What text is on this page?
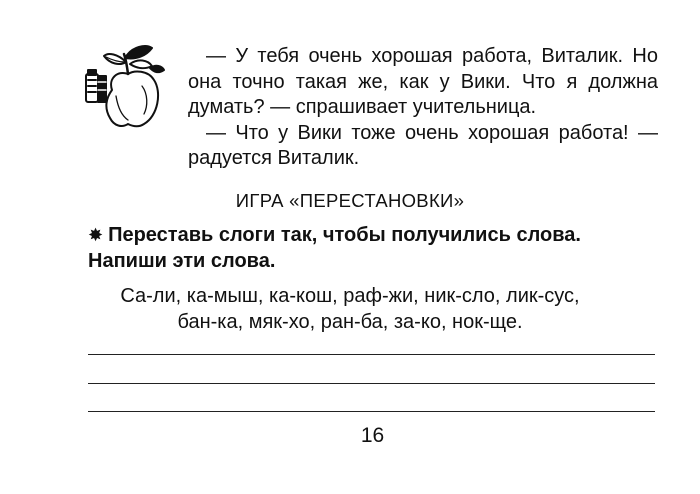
— У тебя очень хорошая работа, Виталик. Но она точно такая же, как у Вики. Что я должна думать? — спрашивает учительница.

— Что у Вики тоже очень хорошая работа! — радуется Виталик.

ИГРА «ПЕРЕСТАНОВКИ»
✸ Переставь слоги так, чтобы получились слова. Напиши эти слова.
Са-ли, ка-мыш, ка-кош, раф-жи, ник-сло, лик-сус,
бан-ка, мяк-хо, ран-ба, за-ко, нок-ще.
16
